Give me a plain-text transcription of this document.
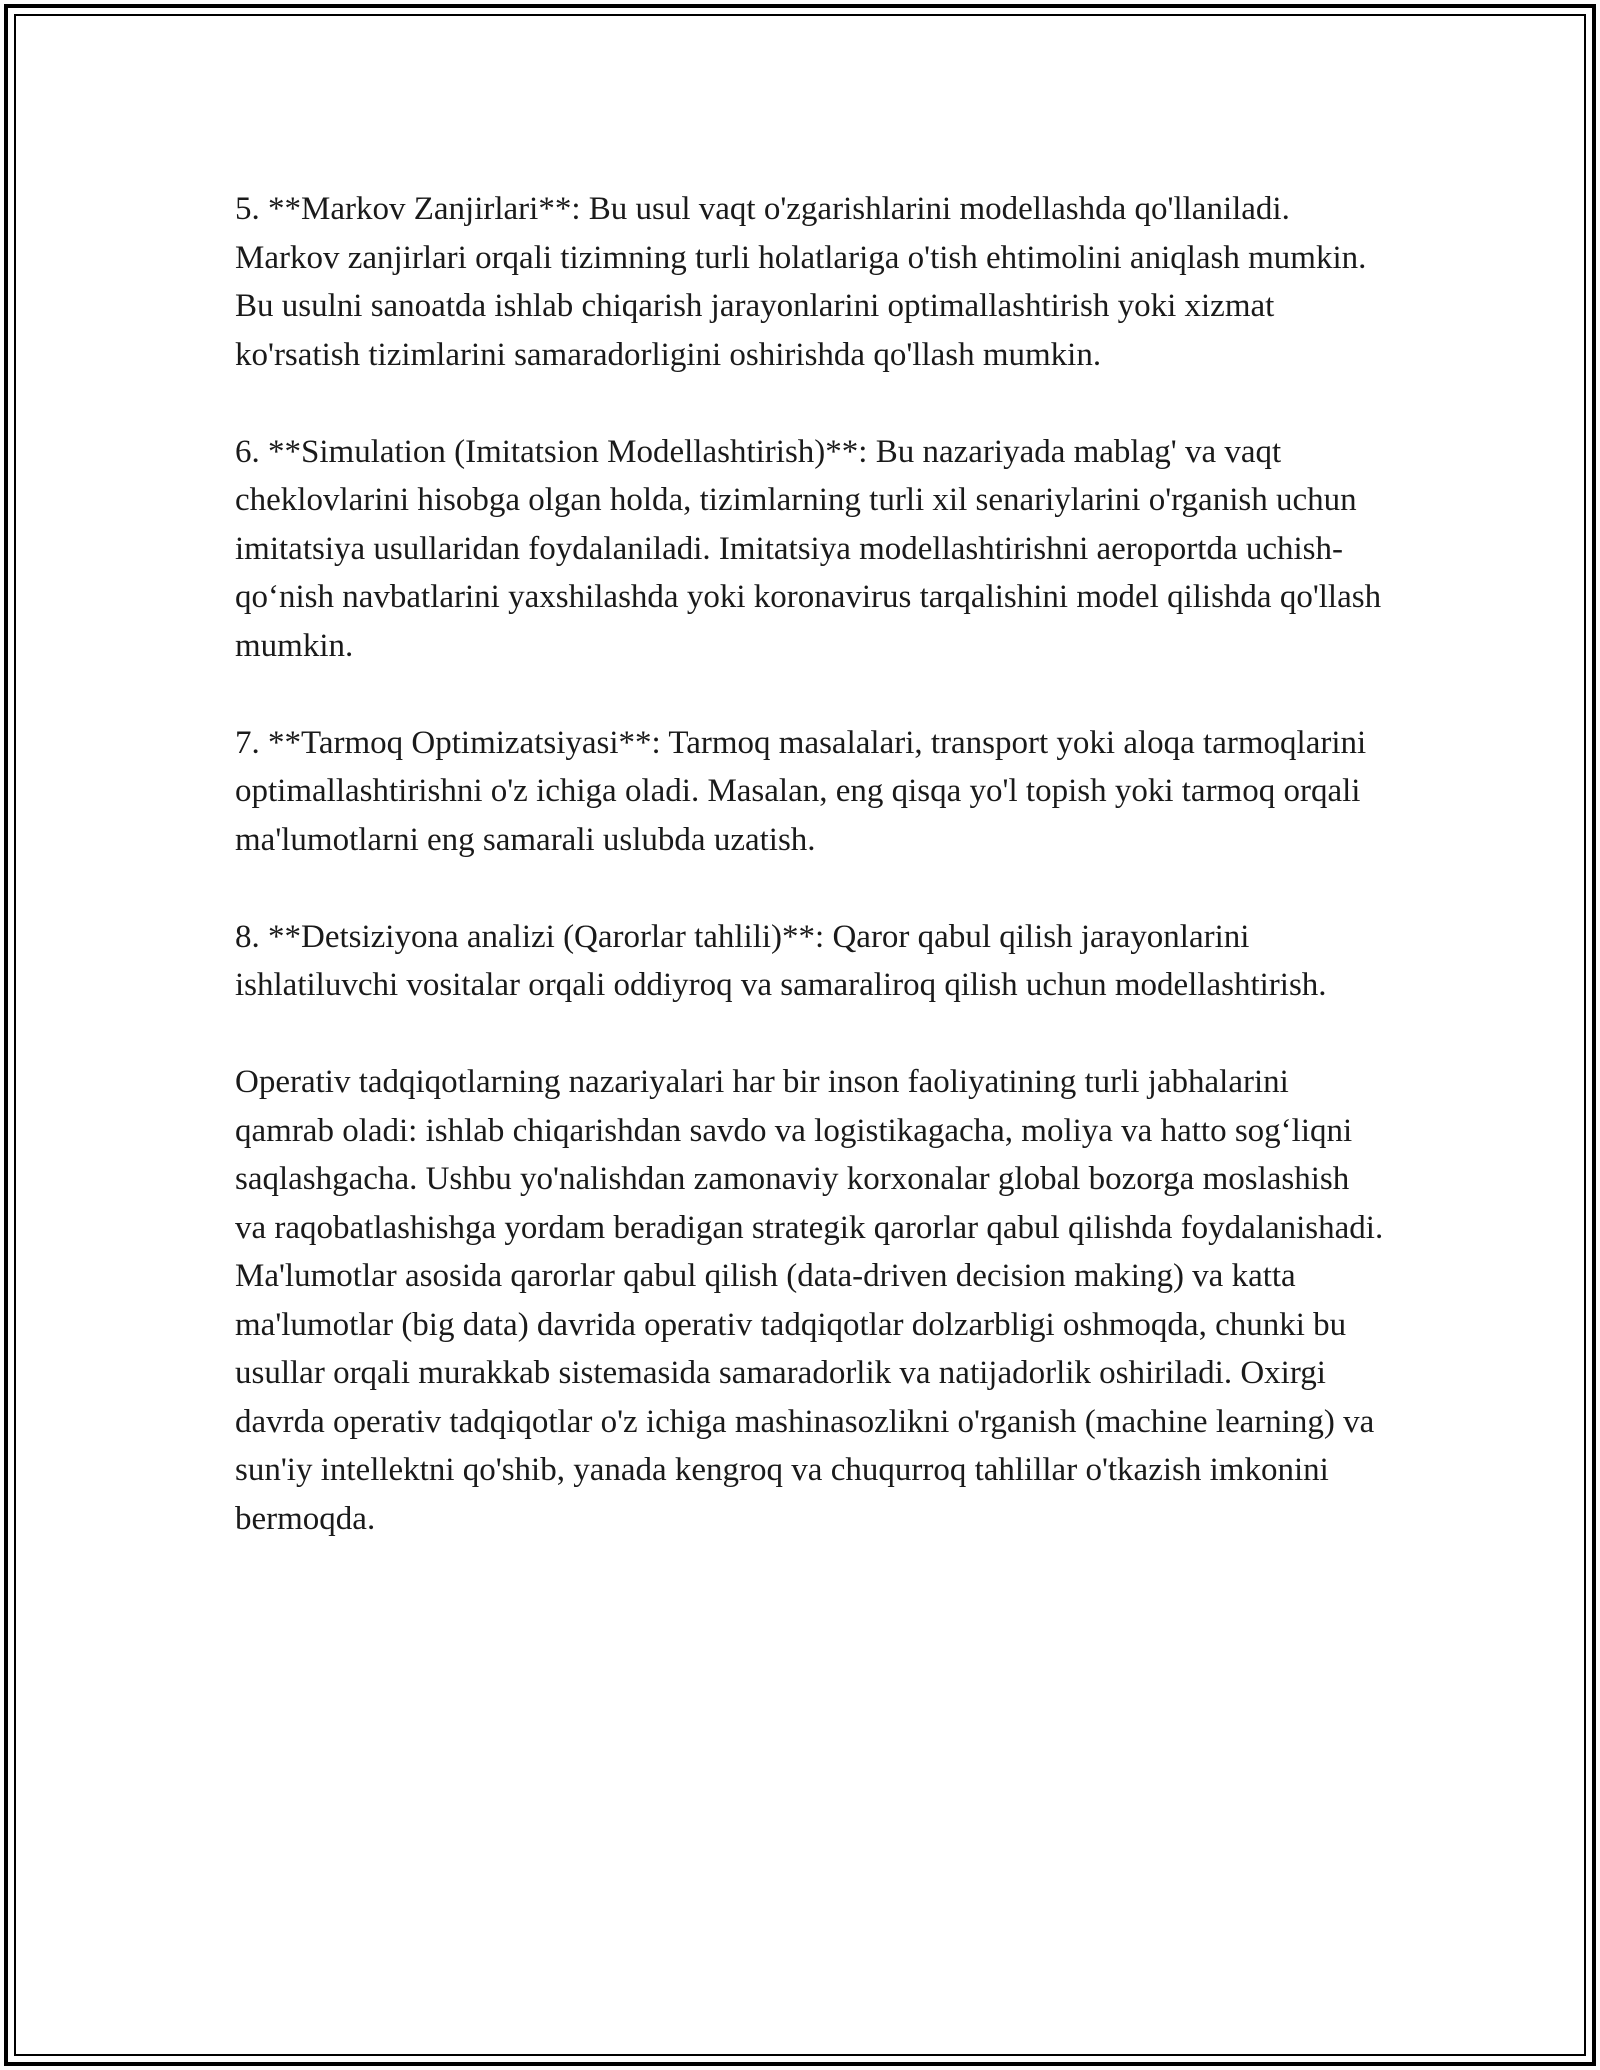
5. **Markov Zanjirlari**: Bu usul vaqt o'zgarishlarini modellashda qo'llaniladi. Markov zanjirlari orqali tizimning turli holatlariga o'tish ehtimolini aniqlash mumkin. Bu usulni sanoatda ishlab chiqarish jarayonlarini optimallashtirish yoki xizmat ko'rsatish tizimlarini samaradorligini oshirishda qo'llash mumkin.

6. **Simulation (Imitatsion Modellashtirish)**: Bu nazariyada mablag' va vaqt cheklovlarini hisobga olgan holda, tizimlarning turli xil senariylarini o'rganish uchun imitatsiya usullaridan foydalaniladi. Imitatsiya modellashtirishni aeroportda uchish-qo‘nish navbatlarini yaxshilashda yoki koronavirus tarqalishini model qilishda qo'llash mumkin.

7. **Tarmoq Optimizatsiyasi**: Tarmoq masalalari, transport yoki aloqa tarmoqlarini optimallashtirishni o'z ichiga oladi. Masalan, eng qisqa yo'l topish yoki tarmoq orqali ma'lumotlarni eng samarali uslubda uzatish.

8. **Detsiziyona analizi (Qarorlar tahlili)**: Qaror qabul qilish jarayonlarini ishlatiluvchi vositalar orqali oddiyroq va samaraliroq qilish uchun modellashtirish.

Operativ tadqiqotlarning nazariyalari har bir inson faoliyatining turli jabhalarini qamrab oladi: ishlab chiqarishdan savdo va logistikagacha, moliya va hatto sog‘liqni saqlashgacha. Ushbu yo'nalishdan zamonaviy korxonalar global bozorga moslashish va raqobatlashishga yordam beradigan strategik qarorlar qabul qilishda foydalanishadi. Ma'lumotlar asosida qarorlar qabul qilish (data-driven decision making) va katta ma'lumotlar (big data) davrida operativ tadqiqotlar dolzarbligi oshmoqda, chunki bu usullar orqali murakkab sistemasida samaradorlik va natijadorlik oshiriladi. Oxirgi davrda operativ tadqiqotlar o'z ichiga mashinasozlikni o'rganish (machine learning) va sun'iy intellektni qo'shib, yanada kengroq va chuqurroq tahlillar o'tkazish imkonini bermoqda.
